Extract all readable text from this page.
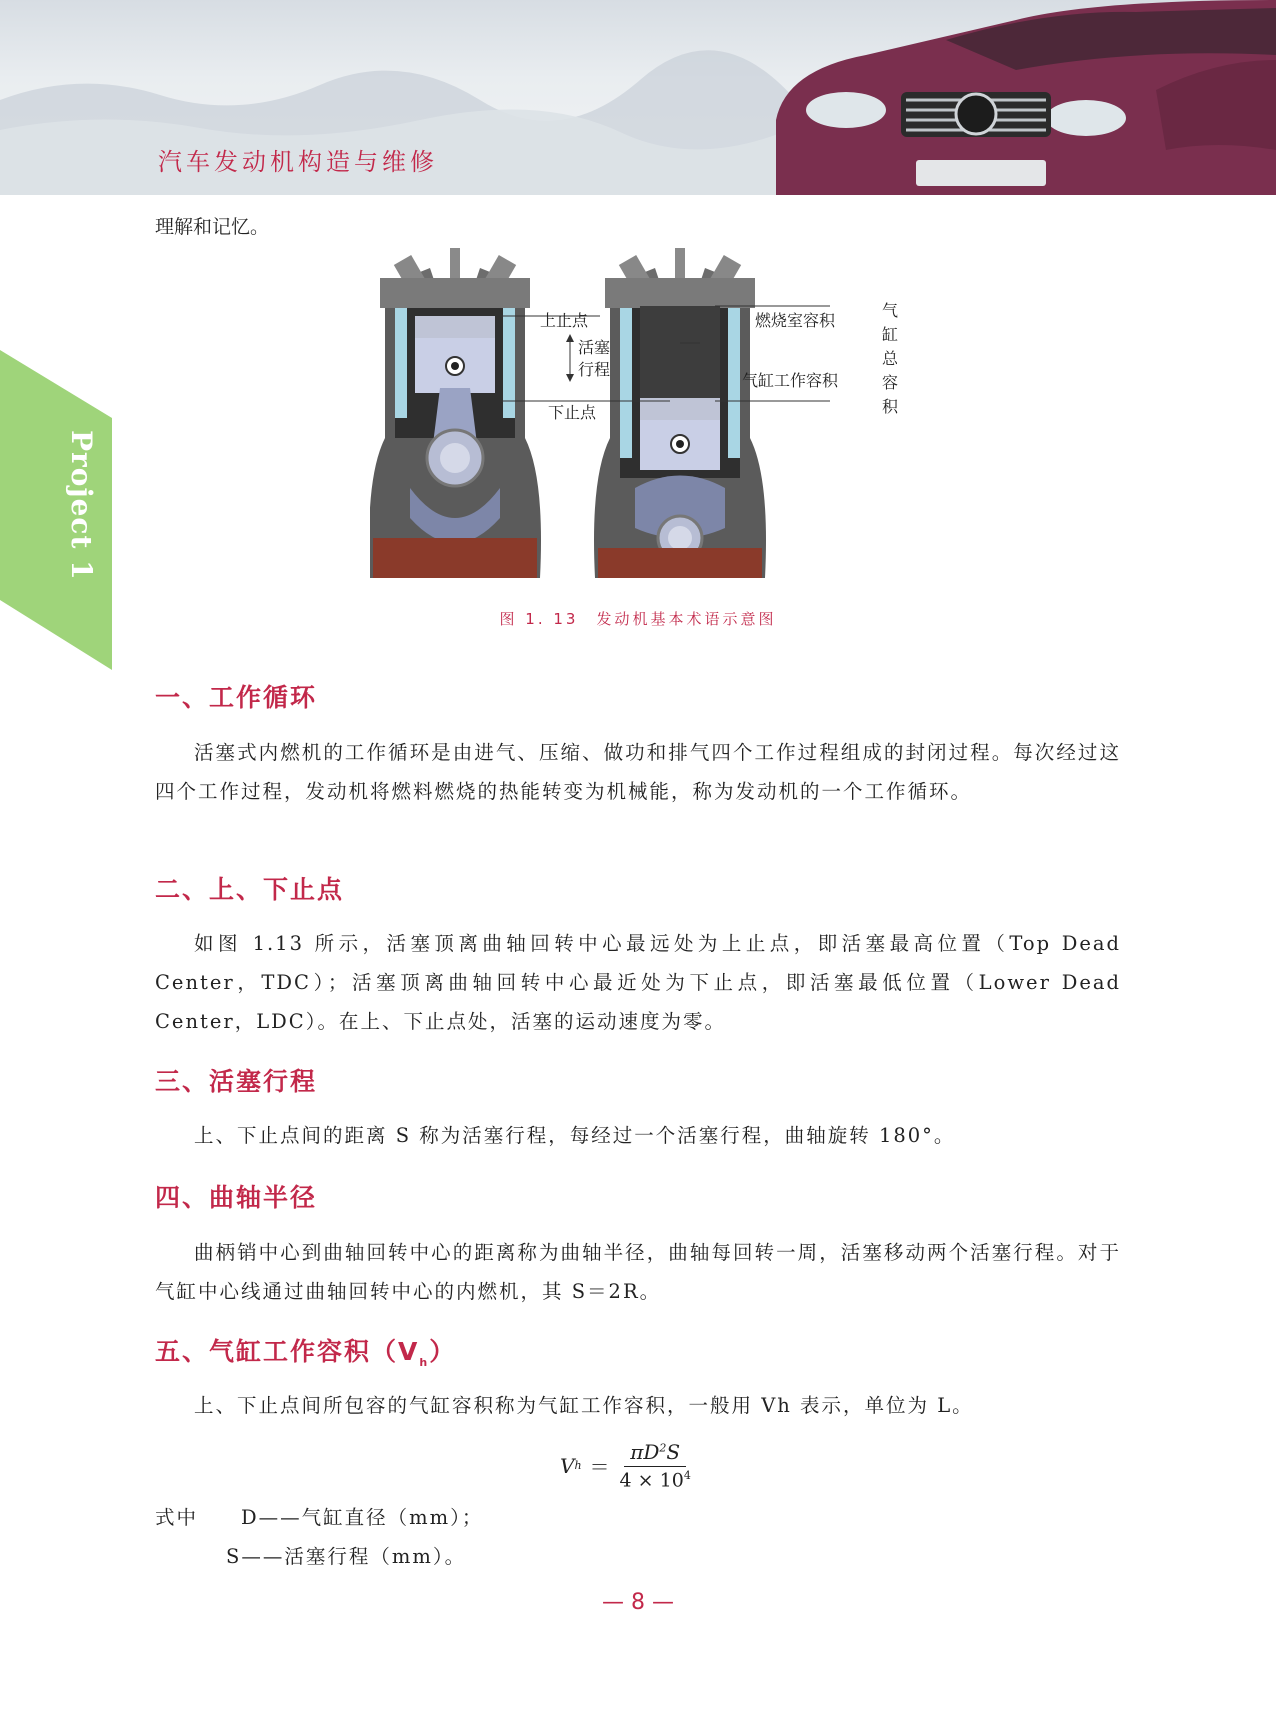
汽车发动机构造与维修
Project 1
理解和记忆。
上止点
活塞
行程
下止点
燃烧室容积
气缸工作容积
气
缸
总
容
积
图 1. 13　发动机基本术语示意图
一、工作循环

活塞式内燃机的工作循环是由进气、压缩、做功和排气四个工作过程组成的封闭过程。每次经过这四个工作过程，发动机将燃料燃烧的热能转变为机械能，称为发动机的一个工作循环。

二、上、下止点

如图 1.13 所示，活塞顶离曲轴回转中心最远处为上止点，即活塞最高位置（Top Dead Center，TDC）；活塞顶离曲轴回转中心最近处为下止点，即活塞最低位置（Lower Dead Center，LDC）。在上、下止点处，活塞的运动速度为零。

三、活塞行程

上、下止点间的距离 S 称为活塞行程，每经过一个活塞行程，曲轴旋转 180°。

四、曲轴半径

曲柄销中心到曲轴回转中心的距离称为曲轴半径，曲轴每回转一周，活塞移动两个活塞行程。对于气缸中心线通过曲轴回转中心的内燃机，其 S＝2R。

五、气缸工作容积$(V_h)$

上、下止点间所包容的气缸容积称为气缸工作容积，一般用 Vh 表示，单位为 L。

V $h = \frac{\pi D^2S}{4 \times 10^4}$
式中　　 D——气缸直径（mm）；
S——活塞行程（mm）。
— 8 —
